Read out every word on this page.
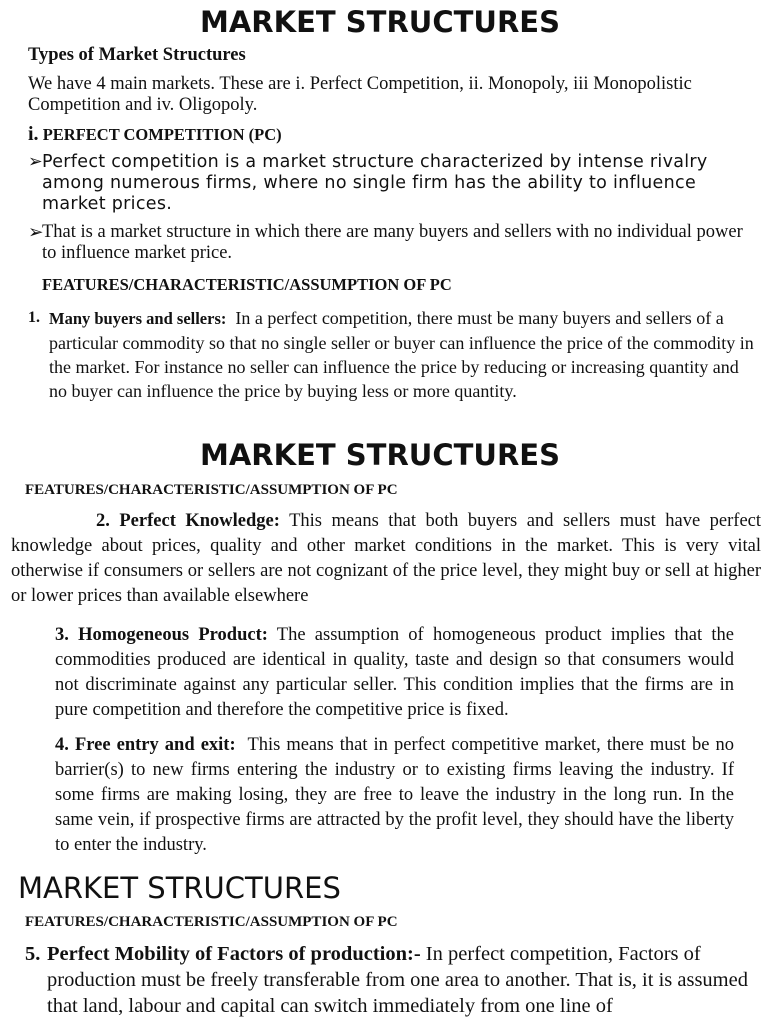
MARKET STRUCTURES
Types of Market Structures
We have 4 main markets. These are i. Perfect Competition, ii. Monopoly, iii Monopolistic Competition and iv. Oligopoly.
i. PERFECT COMPETITION (PC)
➢ Perfect competition is a market structure characterized by intense rivalry among numerous firms, where no single firm has the ability to influence market prices.
➢
That is a market structure in which there are many buyers and sellers with no individual power to influence market price.
FEATURES/CHARACTERISTIC/ASSUMPTION OF PC
1. Many buyers and sellers: In a perfect competition, there must be many buyers and sellers of a particular commodity so that no single seller or buyer can influence the price of the commodity in the market. For instance no seller can influence the price by reducing or increasing quantity and no buyer can influence the price by buying less or more quantity.
MARKET STRUCTURES
FEATURES/CHARACTERISTIC/ASSUMPTION OF PC
2. Perfect Knowledge: This means that both buyers and sellers must have perfect knowledge about prices, quality and other market conditions in the market. This is very vital otherwise if consumers or sellers are not cognizant of the price level, they might buy or sell at higher or lower prices than available elsewhere
3. Homogeneous Product: The assumption of homogeneous product implies that the commodities produced are identical in quality, taste and design so that consumers would not discriminate against any particular seller. This condition implies that the firms are in pure competition and therefore the competitive price is fixed.
4. Free entry and exit: This means that in perfect competitive market, there must be no barrier(s) to new firms entering the industry or to existing firms leaving the industry. If some firms are making losing, they are free to leave the industry in the long run. In the same vein, if prospective firms are attracted by the profit level, they should have the liberty to enter the industry.
MARKET STRUCTURES
FEATURES/CHARACTERISTIC/ASSUMPTION OF PC
5. Perfect Mobility of Factors of production:- In perfect competition, Factors of production must be freely transferable from one area to another. That is, it is assumed that land, labour and capital can switch immediately from one line of
